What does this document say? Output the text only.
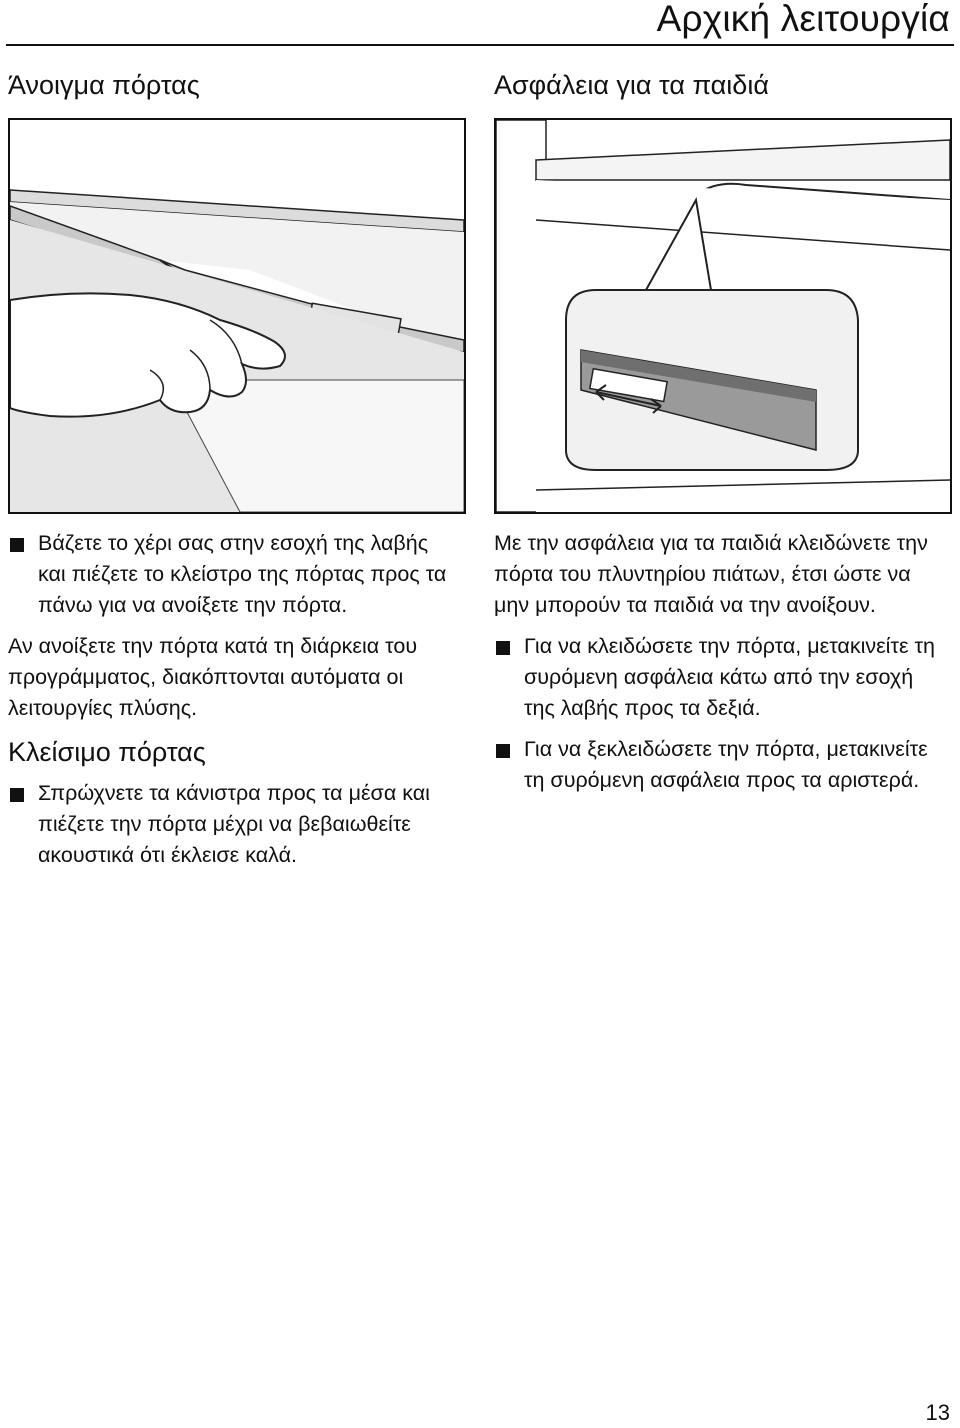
Αρχική λειτουργία
Άνοιγμα πόρτας
Βάζετε το χέρι σας στην εσοχή της λαβής και πιέζετε το κλείστρο της πόρτας προς τα πάνω για να ανοίξετε την πόρτα.

Αν ανοίξετε την πόρτα κατά τη διάρκεια του προγράμματος, διακόπτονται αυτόματα οι λειτουργίες πλύσης.

Κλείσιμο πόρτας
Σπρώχνετε τα κάνιστρα προς τα μέσα και πιέζετε την πόρτα μέχρι να βεβαιωθείτε ακουστικά ότι έκλεισε καλά.
Ασφάλεια για τα παιδιά

Με την ασφάλεια για τα παιδιά κλειδώνετε την πόρτα του πλυντηρίου πιάτων, έτσι ώστε να μην μπορούν τα παιδιά να την ανοίξουν.

Για να κλειδώσετε την πόρτα, μετακινείτε τη συρόμενη ασφάλεια κάτω από την εσοχή της λαβής προς τα δεξιά.
Για να ξεκλειδώσετε την πόρτα, μετακινείτε τη συρόμενη ασφάλεια προς τα αριστερά.
13
